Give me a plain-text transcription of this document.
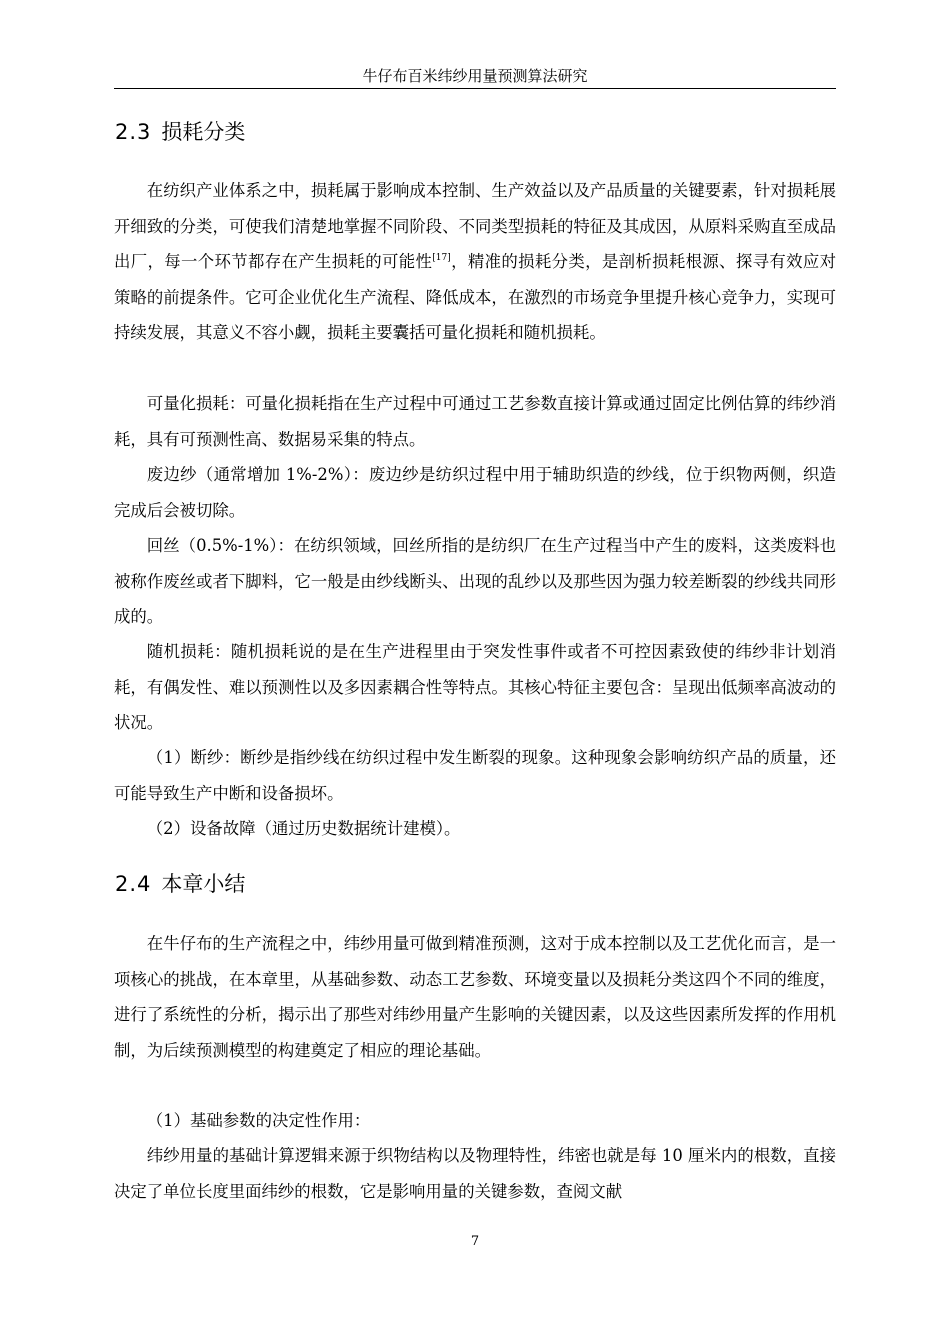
牛仔布百米纬纱用量预测算法研究
2.3 损耗分类

在纺织产业体系之中，损耗属于影响成本控制、生产效益以及产品质量的关键要素，针对损耗展开细致的分类，可使我们清楚地掌握不同阶段、不同类型损耗的特征及其成因，从原料采购直至成品出厂，每一个环节都存在产生损耗的可能性[17]，精准的损耗分类，是剖析损耗根源、探寻有效应对策略的前提条件。它可企业优化生产流程、降低成本，在激烈的市场竞争里提升核心竞争力，实现可持续发展，其意义不容小觑，损耗主要囊括可量化损耗和随机损耗。

可量化损耗：可量化损耗指在生产过程中可通过工艺参数直接计算或通过固定比例估算的纬纱消耗，具有可预测性高、数据易采集的特点。

废边纱（通常增加 1%-2%）：废边纱是纺织过程中用于辅助织造的纱线，位于织物两侧，织造完成后会被切除。

回丝（0.5%-1%）：在纺织领域，回丝所指的是纺织厂在生产过程当中产生的废料，这类废料也被称作废丝或者下脚料，它一般是由纱线断头、出现的乱纱以及那些因为强力较差断裂的纱线共同形成的。

随机损耗：随机损耗说的是在生产进程里由于突发性事件或者不可控因素致使的纬纱非计划消耗，有偶发性、难以预测性以及多因素耦合性等特点。其核心特征主要包含：呈现出低频率高波动的状况。

（1）断纱：断纱是指纱线在纺织过程中发生断裂的现象。这种现象会影响纺织产品的质量，还可能导致生产中断和设备损坏。

（2）设备故障（通过历史数据统计建模）。

2.4 本章小结

在牛仔布的生产流程之中，纬纱用量可做到精准预测，这对于成本控制以及工艺优化而言，是一项核心的挑战，在本章里，从基础参数、动态工艺参数、环境变量以及损耗分类这四个不同的维度，进行了系统性的分析，揭示出了那些对纬纱用量产生影响的关键因素，以及这些因素所发挥的作用机制，为后续预测模型的构建奠定了相应的理论基础。

（1）基础参数的决定性作用：

纬纱用量的基础计算逻辑来源于织物结构以及物理特性，纬密也就是每 10 厘米内的根数，直接决定了单位长度里面纬纱的根数，它是影响用量的关键参数，查阅文献

7
